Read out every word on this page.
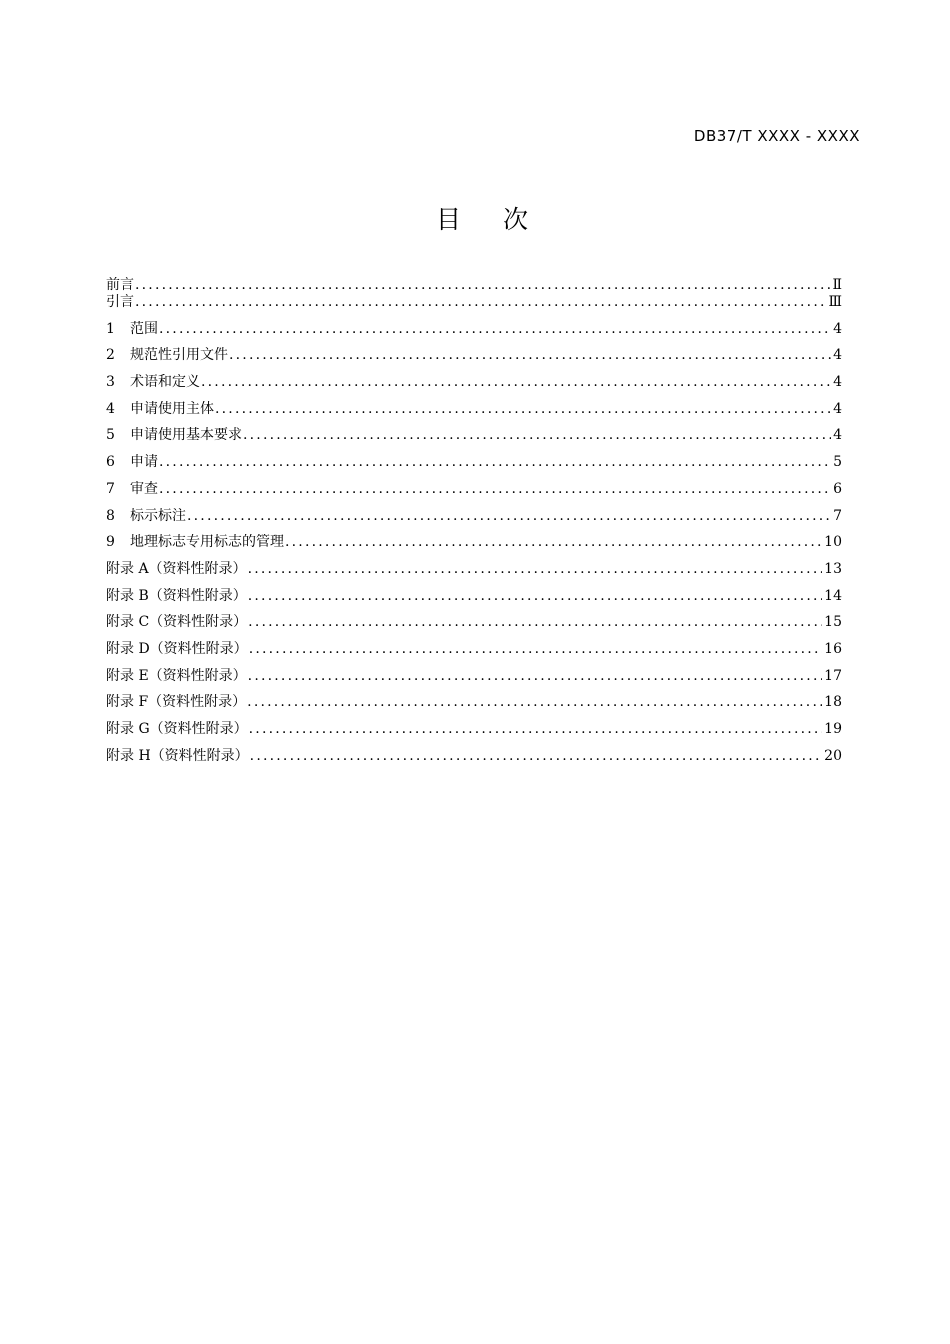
DB37/T XXXX - XXXX
目次
前言 .....	Ⅱ
引言 .....	Ⅲ
1	范围 .....	4
2	规范性引用文件 .....	4
3	术语和定义 .....	4
4	申请使用主体 .....	4
5	申请使用基本要求 .....	4
6	申请 .....	5
7	审查 .....	6
8	标示标注 .....	7
9	地理标志专用标志的管理 .....	10
附录 A（资料性附录） .....	13
附录 B（资料性附录） .....	14
附录 C（资料性附录） .....	15
附录 D（资料性附录） .....	16
附录 E（资料性附录） .....	17
附录 F（资料性附录） .....	18
附录 G（资料性附录） .....	19
附录 H（资料性附录） .....	20
